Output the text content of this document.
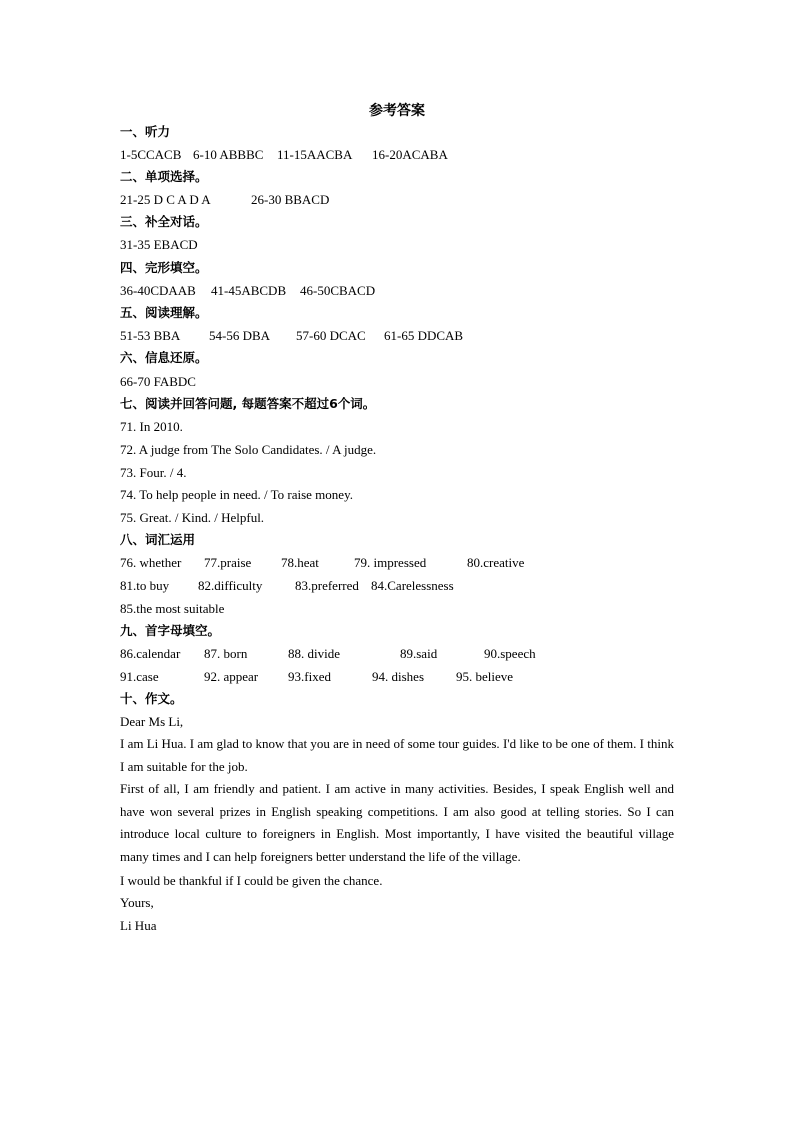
参考答案
一、听力
1-5CCACB 6-10 ABBBC 11-15AACBA 16-20ACABA
二、单项选择。
21-25 D C A D A	26-30 BBACD
三、补全对话。
31-35 EBACD
四、完形填空。
36-40CDAAB 41-45ABCDB 46-50CBACD
五、阅读理解。
51-53 BBA 54-56 DBA 57-60 DCAC 61-65 DDCAB
六、信息还原。
66-70 FABDC
七、阅读并回答问题, 每题答案不超过6个词。
71. In 2010.
72. A judge from The Solo Candidates. / A judge.
73. Four. / 4.
74. To help people in need. / To raise money.
75. Great. / Kind. / Helpful.
八、词汇运用
76. whether 77.praise 78.heat	79. impressed	80.creative
81.to buy 82.difficulty	83.preferred 84.Carelessness
85.the most suitable
九、首字母填空。
86.calendar 87. born	88. divide	89.said	90.speech
91.case	92. appear 93.fixed	94. dishes 95. believe
十、作文。
Dear Ms Li,
I am Li Hua. I am glad to know that you are in need of some tour guides. I'd like to be one of them. I think I am suitable for the job.
First of all, I am friendly and patient. I am active in many activities. Besides, I speak English well and have won several prizes in English speaking competitions. I am also good at telling stories. So I can introduce local culture to foreigners in English. Most importantly, I have visited the beautiful village many times and I can help foreigners better understand the life of the village.
I would be thankful if I could be given the chance.
Yours,
Li Hua
